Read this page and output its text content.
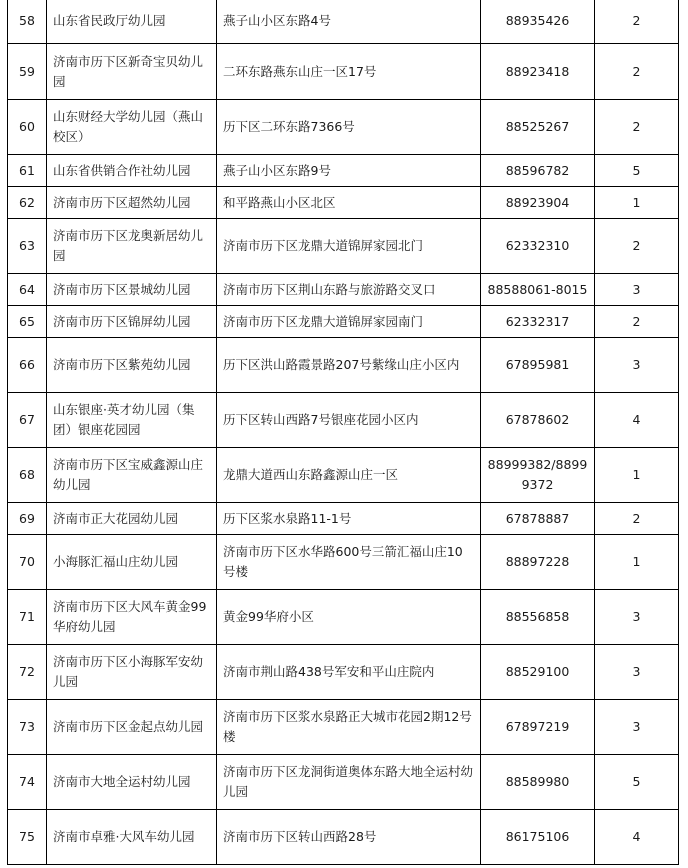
58	山东省民政厅幼儿园	燕子山小区东路4号	88935426	2
59	济南市历下区新奇宝贝幼儿园	二环东路燕东山庄一区17号	88923418	2
60	山东财经大学幼儿园（燕山校区）	历下区二环东路7366号	88525267	2
61	山东省供销合作社幼儿园	燕子山小区东路9号	88596782	5
62	济南市历下区超然幼儿园	和平路燕山小区北区	88923904	1
63	济南市历下区龙奥新居幼儿园	济南市历下区龙鼎大道锦屏家园北门	62332310	2
64	济南市历下区景城幼儿园	济南市历下区荆山东路与旅游路交叉口	88588061-8015	3
65	济南市历下区锦屏幼儿园	济南市历下区龙鼎大道锦屏家园南门	62332317	2
66	济南市历下区紫苑幼儿园	历下区洪山路霞景路207号紫缘山庄小区内	67895981	3
67	山东银座·英才幼儿园（集团）银座花园园	历下区转山西路7号银座花园小区内	67878602	4
68	济南市历下区宝威鑫源山庄幼儿园	龙鼎大道西山东路鑫源山庄一区	88999382/88999372	1
69	济南市正大花园幼儿园	历下区浆水泉路11-1号	67878887	2
70	小海豚汇福山庄幼儿园	济南市历下区水华路600号三箭汇福山庄10号楼	88897228	1
71	济南市历下区大风车黄金99华府幼儿园	黄金99华府小区	88556858	3
72	济南市历下区小海豚军安幼儿园	济南市荆山路438号军安和平山庄院内	88529100	3
73	济南市历下区金起点幼儿园	济南市历下区浆水泉路正大城市花园2期12号楼	67897219	3
74	济南市大地全运村幼儿园	济南市历下区龙洞街道奥体东路大地全运村幼儿园	88589980	5
75	济南市卓雅·大风车幼儿园	济南市历下区转山西路28号	86175106	4
